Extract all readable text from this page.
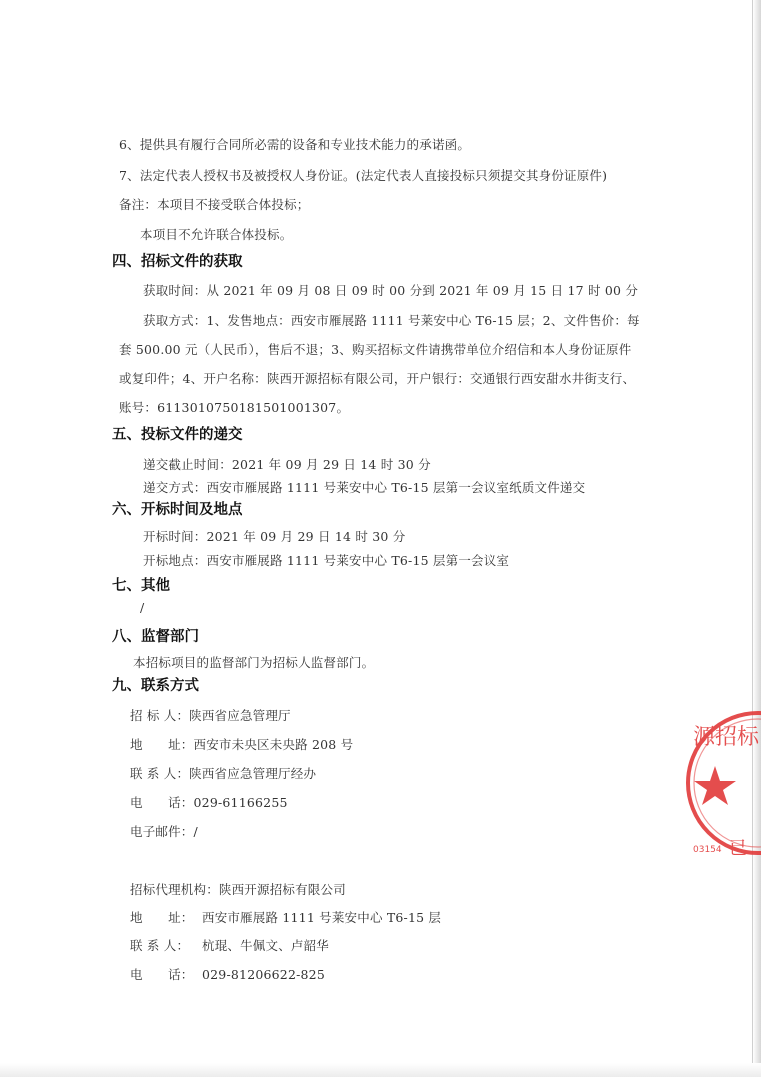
6、提供具有履行合同所必需的设备和专业技术能力的承诺函。
7、法定代表人授权书及被授权人身份证。(法定代表人直接投标只须提交其身份证原件)
备注：本项目不接受联合体投标；
本项目不允许联合体投标。
四、招标文件的获取
获取时间：从 2021 年 09 月 08 日 09 时 00 分到 2021 年 09 月 15 日 17 时 00 分
获取方式：1、发售地点：西安市雁展路 1111 号莱安中心 T6-15 层；2、文件售价：每
套 500.00 元（人民币），售后不退；3、购买招标文件请携带单位介绍信和本人身份证原件
或复印件；4、开户名称：陕西开源招标有限公司，开户银行：交通银行西安甜水井街支行、
账号：611301075018150100​1307。
五、投标文件的递交
递交截止时间：2021 年 09 月 29 日 14 时 30 分
递交方式：西安市雁展路 1111 号莱安中心 T6-15 层第一会议室纸质文件递交
六、开标时间及地点
开标时间：2021 年 09 月 29 日 14 时 30 分
开标地点：西安市雁展路 1111 号莱安中心 T6-15 层第一会议室
七、其他
/
八、监督部门
本招标项目的监督部门为招标人监督部门。
九、联系方式
招 标 人：陕西省应急管理厅
地　　址：西安市未央区未央路 208 号
联 系 人：陕西省应急管理厅经办
电　　话：029-61166255
电子邮件：/
招标代理机构：陕西开源招标有限公司
地　　址： 西安市雁展路 1111 号莱安中心 T6-15 层
联 系 人： 杭琨、牛佩文、卢韶华
电　　话： 029-81206622-825
源招标
03154 已
